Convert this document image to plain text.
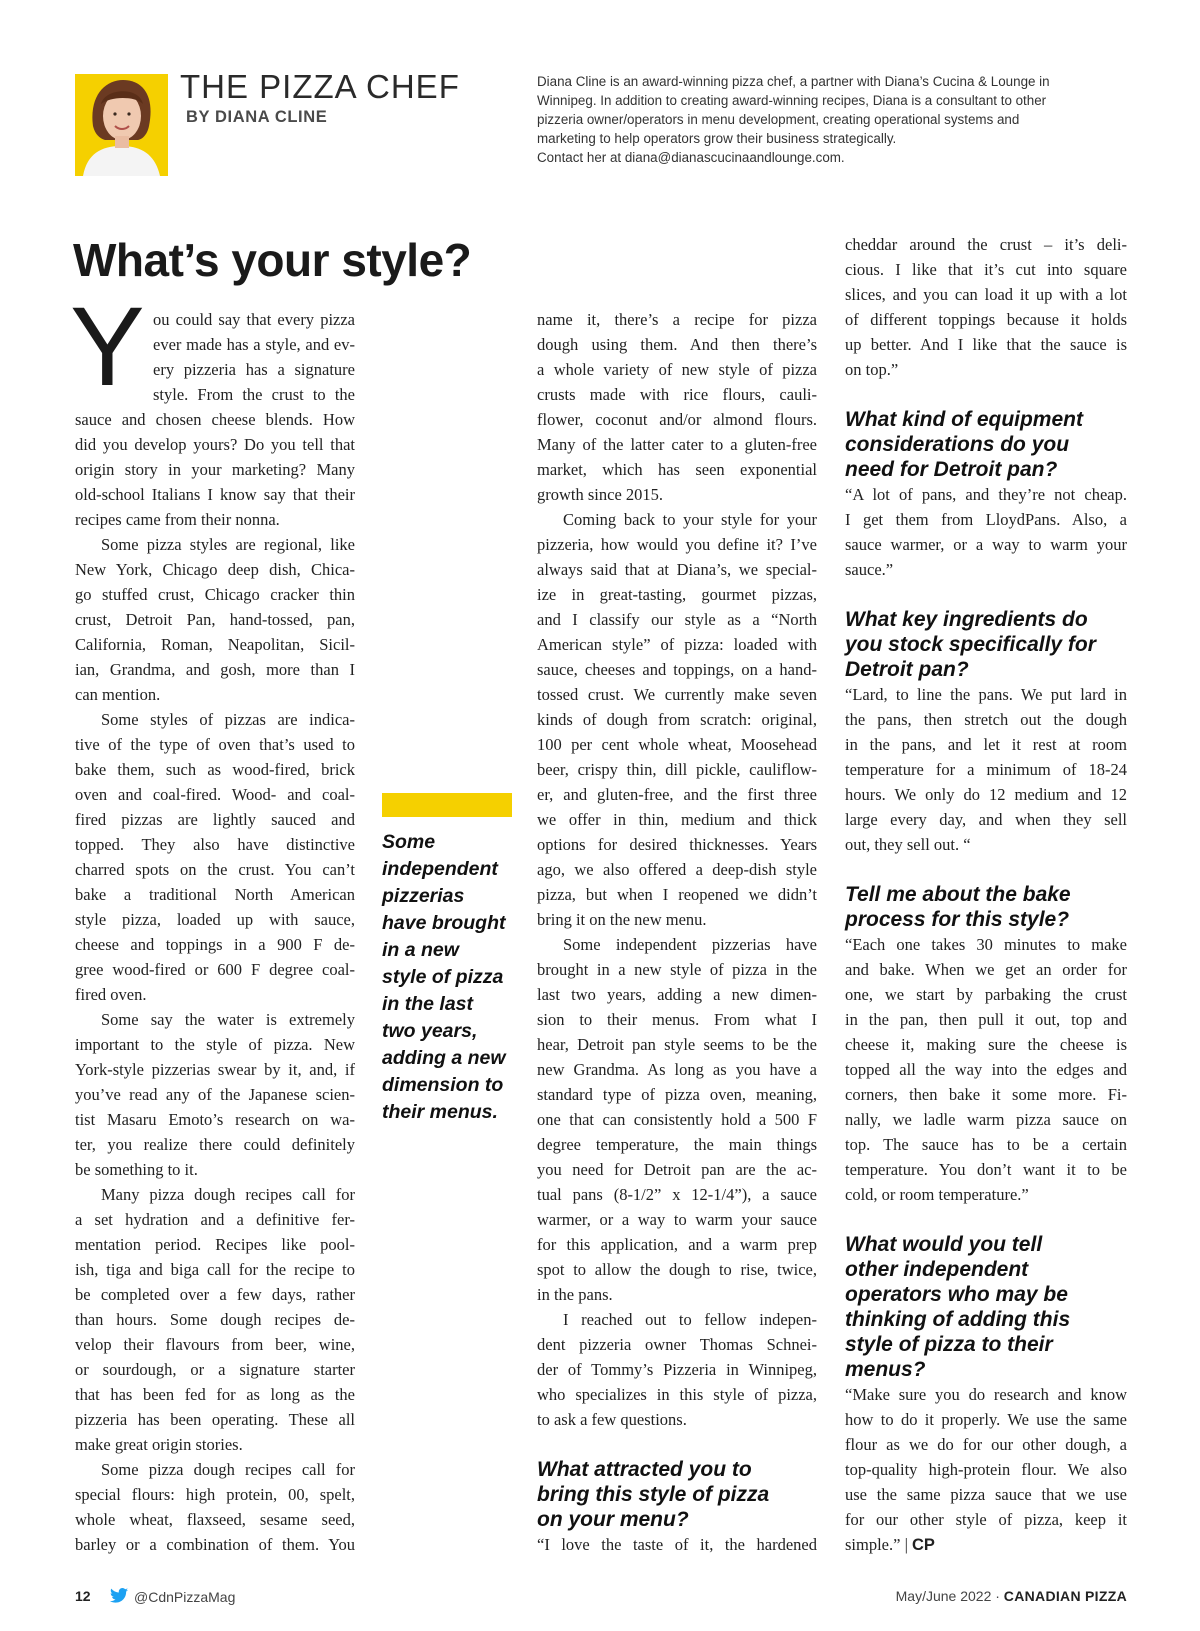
THE PIZZA CHEF
BY DIANA CLINE

Diana Cline is an award-winning pizza chef, a partner with Diana’s Cucina & Lounge in

Winnipeg. In addition to creating award-winning recipes, Diana is a consultant to other

pizzeria owner/operators in menu development, creating operational systems and

marketing to help operators grow their business strategically.

Contact her at diana@dianascucinaandlounge.com.

What’s your style?
Y ou could say that every pizza
ever made has a style, and ev-
ery pizzeria has a signature
style. From the crust to the
sauce and chosen cheese blends. How
did you develop yours? Do you tell that
origin story in your marketing? Many
old-school Italians I know say that their
recipes came from their nonna.
Some pizza styles are regional, like
New York, Chicago deep dish, Chica-
go stuffed crust, Chicago cracker thin
crust, Detroit Pan, hand-tossed, pan,
California, Roman, Neapolitan, Sicil-
ian, Grandma, and gosh, more than I
can mention.
Some styles of pizzas are indica-
tive of the type of oven that’s used to
bake them, such as wood-fired, brick
oven and coal-fired. Wood- and coal-
fired pizzas are lightly sauced and
topped. They also have distinctive
charred spots on the crust. You can’t
bake a traditional North American
style pizza, loaded up with sauce,
cheese and toppings in a 900 F de-
gree wood-fired or 600 F degree coal-
fired oven.
Some say the water is extremely
important to the style of pizza. New
York-style pizzerias swear by it, and, if
you’ve read any of the Japanese scien-
tist Masaru Emoto’s research on wa-
ter, you realize there could definitely
be something to it.
Many pizza dough recipes call for
a set hydration and a definitive fer-
mentation period. Recipes like pool-
ish, tiga and biga call for the recipe to
be completed over a few days, rather
than hours. Some dough recipes de-
velop their flavours from beer, wine,
or sourdough, or a signature starter
that has been fed for as long as the
pizzeria has been operating. These all
make great origin stories.
Some pizza dough recipes call for
special flours: high protein, 00, spelt,
whole wheat, flaxseed, sesame seed,
barley or a combination of them. You
Some
independent
pizzerias
have brought
in a new
style of pizza
in the last
two years,
adding a new
dimension to
their menus.
name it, there’s a recipe for pizza
dough using them. And then there’s
a whole variety of new style of pizza
crusts made with rice flours, cauli-
flower, coconut and/or almond flours.
Many of the latter cater to a gluten-free
market, which has seen exponential
growth since 2015.
Coming back to your style for your
pizzeria, how would you define it? I’ve
always said that at Diana’s, we special-
ize in great-tasting, gourmet pizzas,
and I classify our style as a “North
American style” of pizza: loaded with
sauce, cheeses and toppings, on a hand-
tossed crust. We currently make seven
kinds of dough from scratch: original,
100 per cent whole wheat, Moosehead
beer, crispy thin, dill pickle, cauliflow-
er, and gluten-free, and the first three
we offer in thin, medium and thick
options for desired thicknesses. Years
ago, we also offered a deep-dish style
pizza, but when I reopened we didn’t
bring it on the new menu.
Some independent pizzerias have
brought in a new style of pizza in the
last two years, adding a new dimen-
sion to their menus. From what I
hear, Detroit pan style seems to be the
new Grandma. As long as you have a
standard type of pizza oven, meaning,
one that can consistently hold a 500 F
degree temperature, the main things
you need for Detroit pan are the ac-
tual pans (8-1/2” x 12-1/4”), a sauce
warmer, or a way to warm your sauce
for this application, and a warm prep
spot to allow the dough to rise, twice,
in the pans.
I reached out to fellow indepen-
dent pizzeria owner Thomas Schnei-
der of Tommy’s Pizzeria in Winnipeg,
who specializes in this style of pizza,
to ask a few questions.
What attracted you to
bring this style of pizza
on your menu?
“I love the taste of it, the hardened
cheddar around the crust – it’s deli-
cious. I like that it’s cut into square
slices, and you can load it up with a lot
of different toppings because it holds
up better. And I like that the sauce is
on top.”
What kind of equipment
considerations do you
need for Detroit pan?
“A lot of pans, and they’re not cheap.
I get them from LloydPans. Also, a
sauce warmer, or a way to warm your
sauce.”
What key ingredients do
you stock specifically for
Detroit pan?
“Lard, to line the pans. We put lard in
the pans, then stretch out the dough
in the pans, and let it rest at room
temperature for a minimum of 18-24
hours. We only do 12 medium and 12
large every day, and when they sell
out, they sell out. “
Tell me about the bake
process for this style?
“Each one takes 30 minutes to make
and bake. When we get an order for
one, we start by parbaking the crust
in the pan, then pull it out, top and
cheese it, making sure the cheese is
topped all the way into the edges and
corners, then bake it some more. Fi-
nally, we ladle warm pizza sauce on
top. The sauce has to be a certain
temperature. You don’t want it to be
cold, or room temperature.”
What would you tell
other independent
operators who may be
thinking of adding this
style of pizza to their
menus?
“Make sure you do research and know
how to do it properly. We use the same
flour as we do for our other dough, a
top-quality high-protein flour. We also
use the same pizza sauce that we use
for our other style of pizza, keep it
simple.” | CP
12	@CdnPizzaMag	May/June 2022 · CANADIAN PIZZA
